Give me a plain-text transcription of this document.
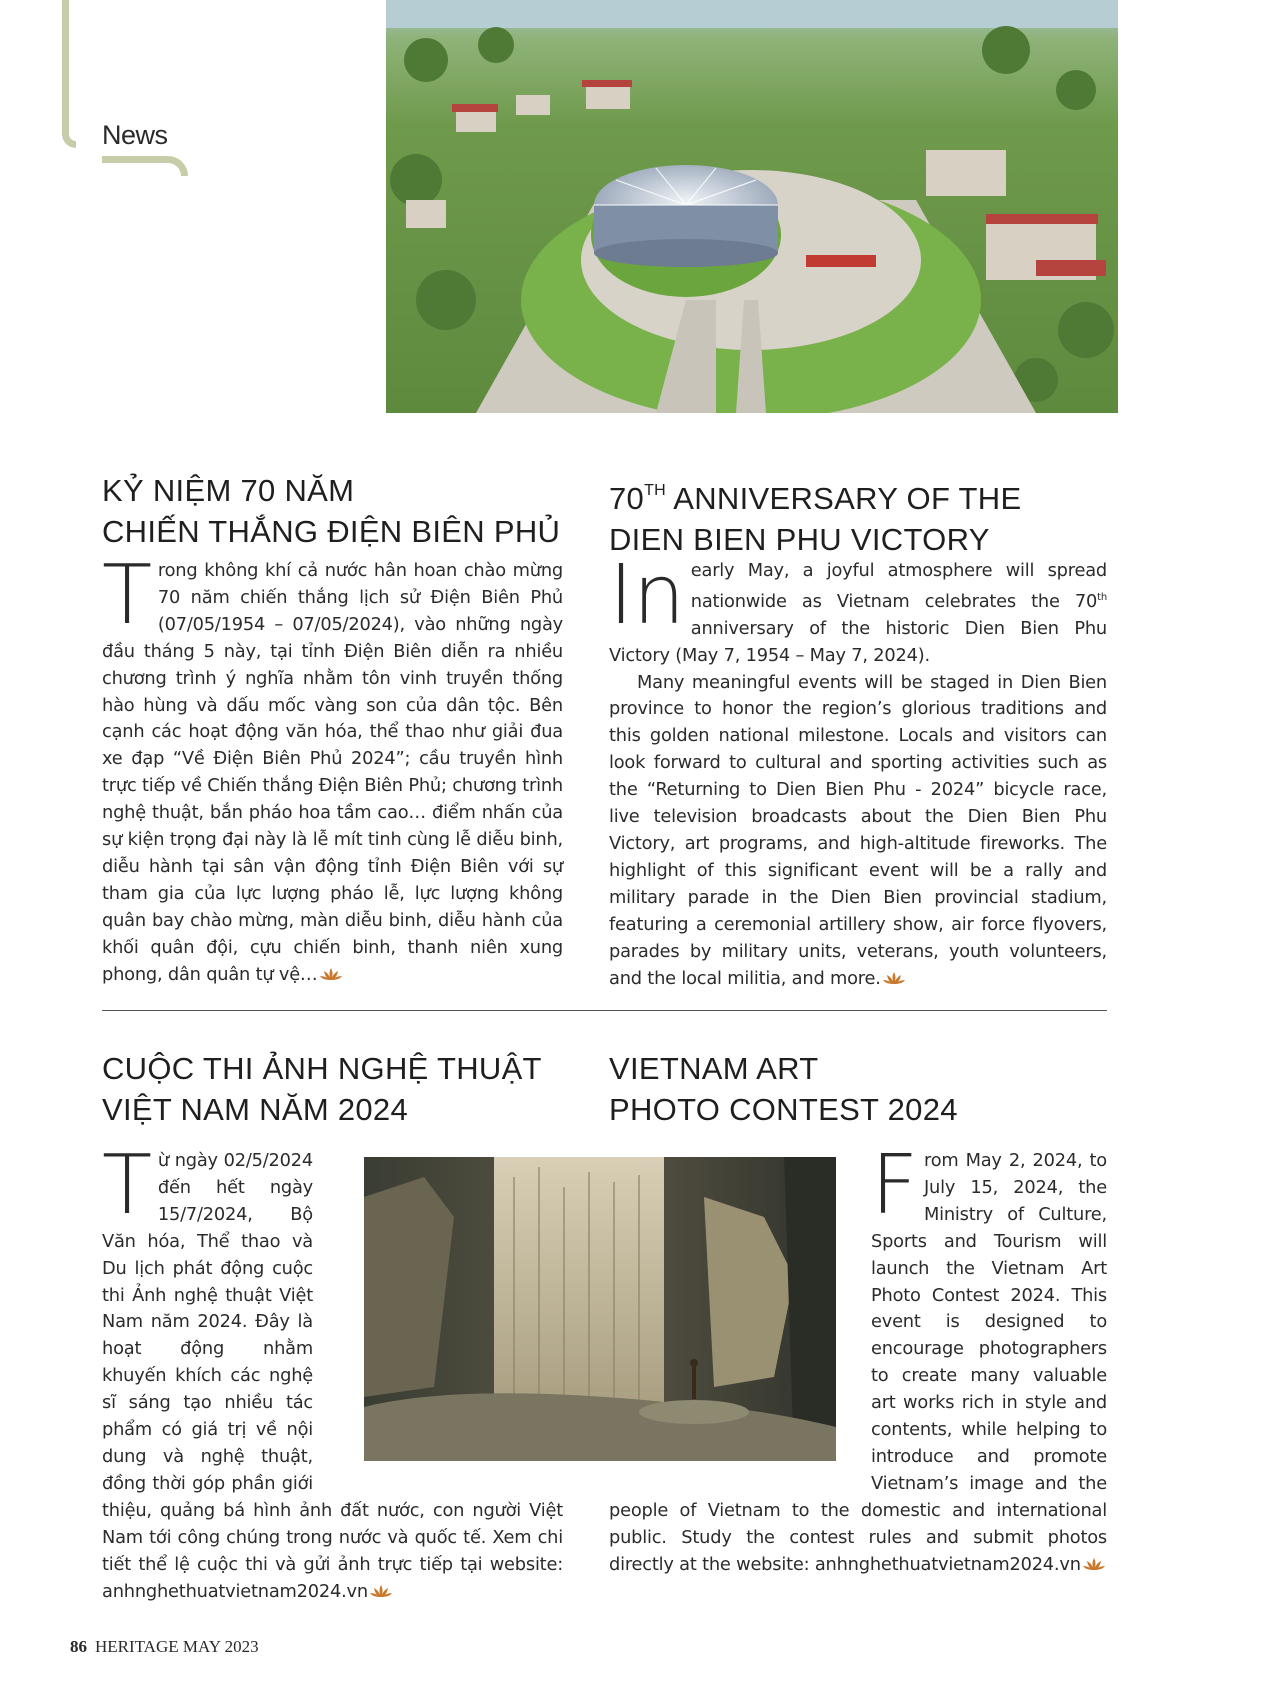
News
KỶ NIỆM 70 NĂM
CHIẾN THẮNG ĐIỆN BIÊN PHỦ

Trong không khí cả nước hân hoan chào mừng 70 năm chiến thắng lịch sử Điện Biên Phủ (07/05/1954 – 07/05/2024), vào những ngày đầu tháng 5 này, tại tỉnh Điện Biên diễn ra nhiều chương trình ý nghĩa nhằm tôn vinh truyền thống hào hùng và dấu mốc vàng son của dân tộc. Bên cạnh các hoạt động văn hóa, thể thao như giải đua xe đạp “Về Điện Biên Phủ 2024”; cầu truyền hình trực tiếp về Chiến thắng Điện Biên Phủ; chương trình nghệ thuật, bắn pháo hoa tầm cao… điểm nhấn của sự kiện trọng đại này là lễ mít tinh cùng lễ diễu binh, diễu hành tại sân vận động tỉnh Điện Biên với sự tham gia của lực lượng pháo lễ, lực lượng không quân bay chào mừng, màn diễu binh, diễu hành của khối quân đội, cựu chiến binh, thanh niên xung phong, dân quân tự vệ…

70TH ANNIVERSARY OF THE
DIEN BIEN PHU VICTORY

In early May, a joyful atmosphere will spread nationwide as Vietnam celebrates the 70th anniversary of the historic Dien Bien Phu Victory (May 7, 1954 – May 7, 2024).

Many meaningful events will be staged in Dien Bien province to honor the region’s glorious traditions and this golden national milestone. Locals and visitors can look forward to cultural and sporting activities such as the “Returning to Dien Bien Phu - 2024” bicycle race, live television broadcasts about the Dien Bien Phu Victory, art programs, and high-altitude fireworks. The highlight of this significant event will be a rally and military parade in the Dien Bien provincial stadium, featuring a ceremonial artillery show, air force flyovers, parades by military units, veterans, youth volunteers, and the local militia, and more.

CUỘC THI ẢNH NGHỆ THUẬT
VIỆT NAM NĂM 2024
VIETNAM ART
PHOTO CONTEST 2024

Từ ngày 02/5/2024 đến hết ngày 15/7/2024, Bộ Văn hóa, Thể thao và Du lịch phát động cuộc thi Ảnh nghệ thuật Việt Nam năm 2024. Đây là hoạt động nhằm khuyến khích các nghệ sĩ sáng tạo nhiều tác phẩm có giá trị về nội dung và nghệ thuật, đồng thời góp phần giới thiệu, quảng bá hình ảnh đất nước, con người Việt Nam tới công chúng trong nước và quốc tế. Xem chi tiết thể lệ cuộc thi và gửi ảnh trực tiếp tại website: anhnghethuatvietnam2024.vn

From May 2, 2024, to July 15, 2024, the Ministry of Culture, Sports and Tourism will launch the Vietnam Art Photo Contest 2024. This event is designed to encourage photographers to create many valuable art works rich in style and contents, while helping to introduce and promote Vietnam’s image and the people of Vietnam to the domestic and international public. Study the contest rules and submit photos directly at the website: anhnghethuatvietnam2024.vn

86 HERITAGE MAY 2023
